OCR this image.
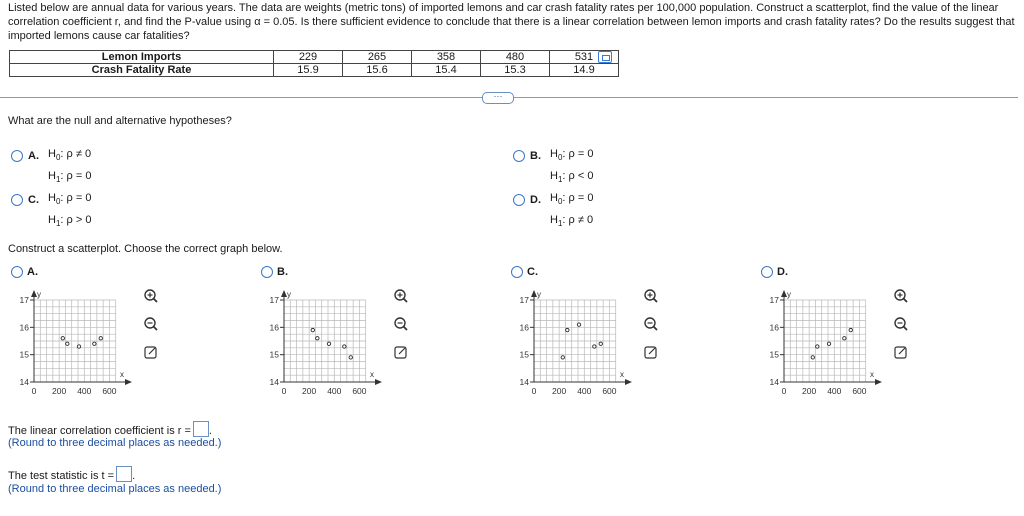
Listed below are annual data for various years. The data are weights (metric tons) of imported lemons and car crash fatality rates per 100,000 population. Construct a scatterplot, find the value of the linear correlation coefficient r, and find the P-value using α = 0.05. Is there sufficient evidence to conclude that there is a linear correlation between lemon imports and crash fatality rates? Do the results suggest that imported lemons cause car fatalities?
Lemon Imports	229	265	358	480	531
Crash Fatality Rate	15.9	15.6	15.4	15.3	14.9
···
What are the null and alternative hypotheses?
A. $H_0$: ρ ≠ 0
$H_1$: ρ = 0
B. $H_0$: ρ = 0
$H_1$: ρ < 0
C. $H_0$: ρ = 0
$H_1$: ρ > 0
D. $H_0$: ρ = 0
$H_1$: ρ ≠ 0
Construct a scatterplot. Choose the correct graph below.
A.	B.	C.	D.
x
y
0 200 400 600
14
15
16
17
x
y
0 200 400 600
14
15
16
17
x
y
0 200 400 600
14
15
16
17
x
y
0 200 400 600
14
15
16
17
The linear correlation coefficient is r = .
(Round to three decimal places as needed.)
The test statistic is t = .
(Round to three decimal places as needed.)
